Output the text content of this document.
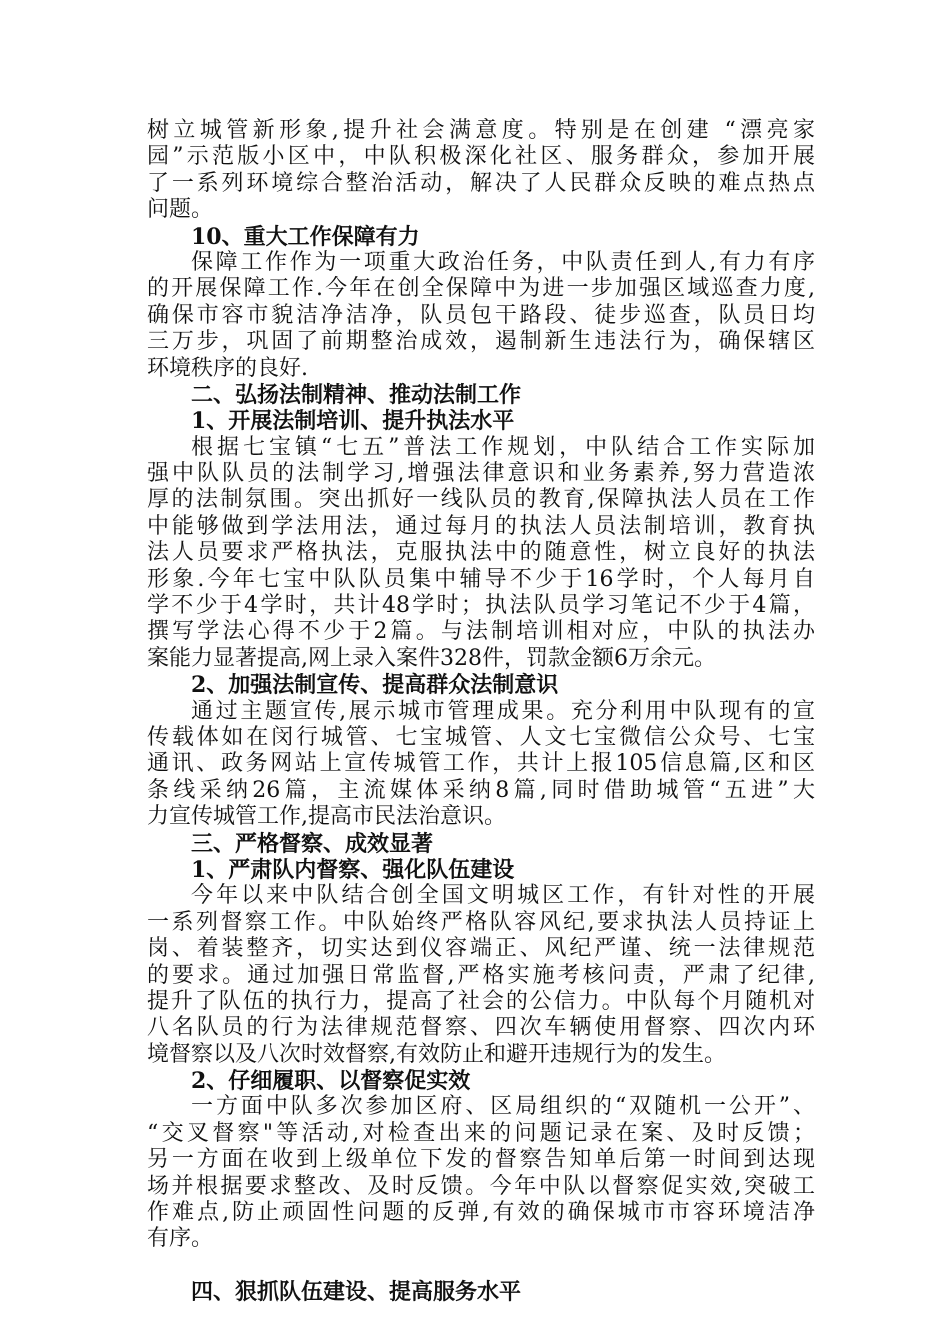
树立城管新形象,提升社会满意度。特别是在创建 “漂亮家
园”示范版小区中，中队积极深化社区、服务群众，参加开展
了一系列环境综合整治活动，解决了人民群众反映的难点热点
问题。
10、重大工作保障有力
保障工作作为一项重大政治任务，中队责任到人,有力有序
的开展保障工作.今年在创全保障中为进一步加强区域巡查力度,
确保市容市貌洁净洁净，队员包干路段、徒步巡查，队员日均
三万步，巩固了前期整治成效，遏制新生违法行为，确保辖区
环境秩序的良好.
二、弘扬法制精神、推动法制工作
1、开展法制培训、提升执法水平
根据七宝镇“七五”普法工作规划，中队结合工作实际加
强中队队员的法制学习,增强法律意识和业务素养,努力营造浓
厚的法制氛围。突出抓好一线队员的教育,保障执法人员在工作
中能够做到学法用法，通过每月的执法人员法制培训，教育执
法人员要求严格执法，克服执法中的随意性，树立良好的执法
形象.今年七宝中队队员集中辅导不少于16学时，个人每月自
学不少于4学时，共计48学时；执法队员学习笔记不少于4篇，
撰写学法心得不少于2篇。与法制培训相对应，中队的执法办
案能力显著提高,网上录入案件328件，罚款金额6万余元。
2、加强法制宣传、提高群众法制意识
通过主题宣传,展示城市管理成果。充分利用中队现有的宣
传载体如在闵行城管、七宝城管、人文七宝微信公众号、七宝
通讯、政务网站上宣传城管工作，共计上报105信息篇,区和区
条线采纳26篇，主流媒体采纳8篇,同时借助城管“五进”大
力宣传城管工作,提高市民法治意识。
三、严格督察、成效显著
1、严肃队内督察、强化队伍建设
今年以来中队结合创全国文明城区工作，有针对性的开展
一系列督察工作。中队始终严格队容风纪,要求执法人员持证上
岗、着装整齐，切实达到仪容端正、风纪严谨、统一法律规范
的要求。通过加强日常监督,严格实施考核问责，严肃了纪律,
提升了队伍的执行力，提高了社会的公信力。中队每个月随机对
八名队员的行为法律规范督察、四次车辆使用督察、四次内环
境督察以及八次时效督察,有效防止和避开违规行为的发生。
2、仔细履职、以督察促实效
一方面中队多次参加区府、区局组织的“双随机一公开”、
“交叉督察"等活动,对检查出来的问题记录在案、及时反馈；
另一方面在收到上级单位下发的督察告知单后第一时间到达现
场并根据要求整改、及时反馈。今年中队以督察促实效,突破工
作难点,防止顽固性问题的反弹,有效的确保城市市容环境洁净
有序。
四、狠抓队伍建设、提高服务水平
